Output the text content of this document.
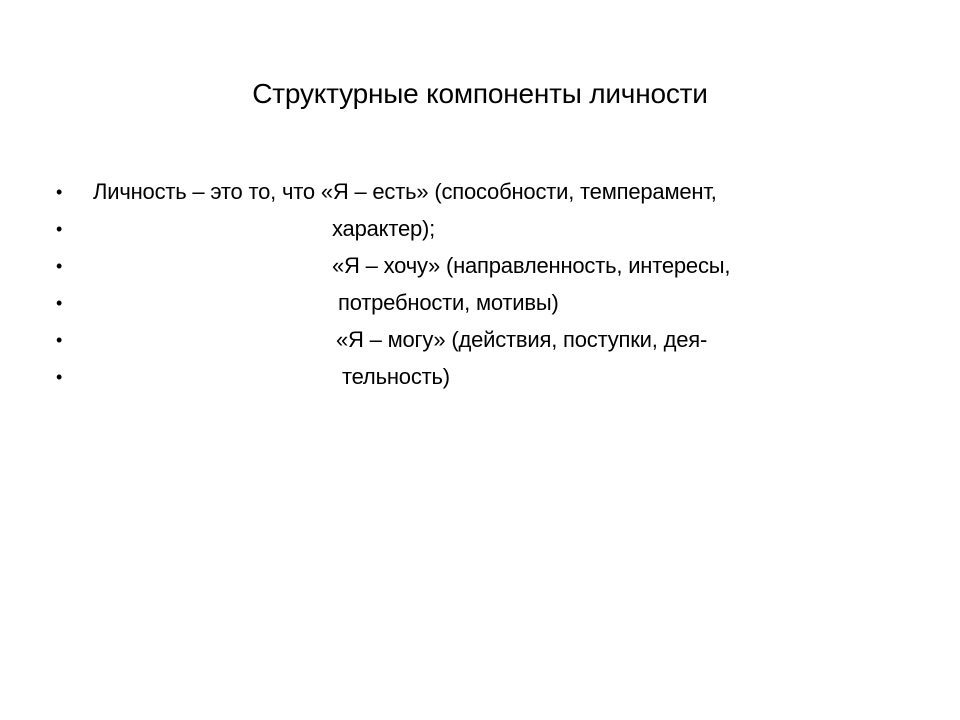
Структурные компоненты личности
• Личность – это то, что «Я – есть» (способности, темперамент,
•	характер);
•	«Я – хочу» (направленность, интересы,
•	потребности, мотивы)
•	«Я – могу» (действия, поступки, дея-
•	тельность)
